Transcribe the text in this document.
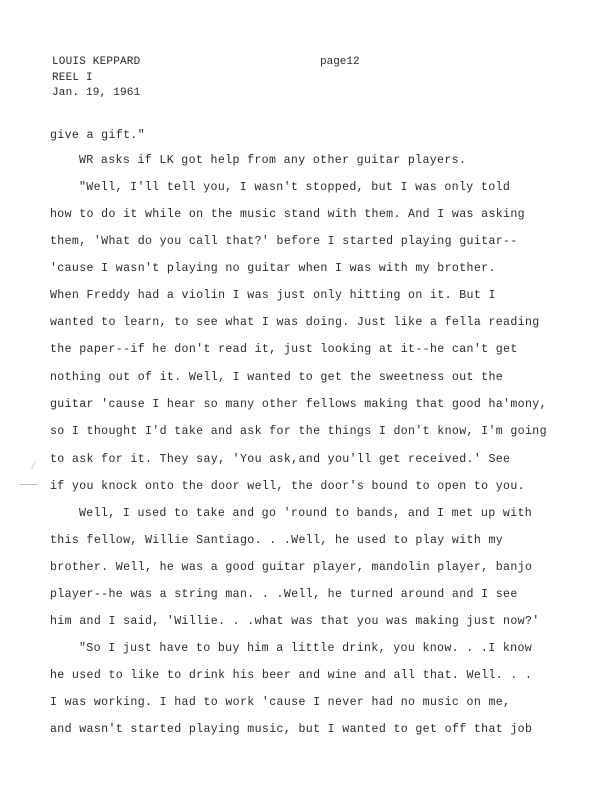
LOUIS KEPPARD
REEL I
Jan. 19, 1961
page12
give a gift."
WR asks if LK got help from any other guitar players.
"Well, I'll tell you, I wasn't stopped, but I was only told
how to do it while on the music stand with them. And I was asking
them, 'What do you call that?' before I started playing guitar--
'cause I wasn't playing no guitar when I was with my brother.
When Freddy had a violin I was just only hitting on it. But I
wanted to learn, to see what I was doing. Just like a fella reading
the paper--if he don't read it, just looking at it--he can't get
nothing out of it. Well, I wanted to get the sweetness out the
guitar 'cause I hear so many other fellows making that good ha'mony,
so I thought I'd take and ask for the things I don't know, I'm going
to ask for it. They say, 'You ask,and you'll get received.' See
if you knock onto the door well, the door's bound to open to you.
Well, I used to take and go 'round to bands, and I met up with
this fellow, Willie Santiago. . .Well, he used to play with my
brother. Well, he was a good guitar player, mandolin player, banjo
player--he was a string man. . .Well, he turned around and I see
him and I said, 'Willie. . .what was that you was making just now?'
"So I just have to buy him a little drink, you know. . .I know
he used to like to drink his beer and wine and all that. Well. . .
I was working. I had to work 'cause I never had no music on me,
and wasn't started playing music, but I wanted to get off that job
